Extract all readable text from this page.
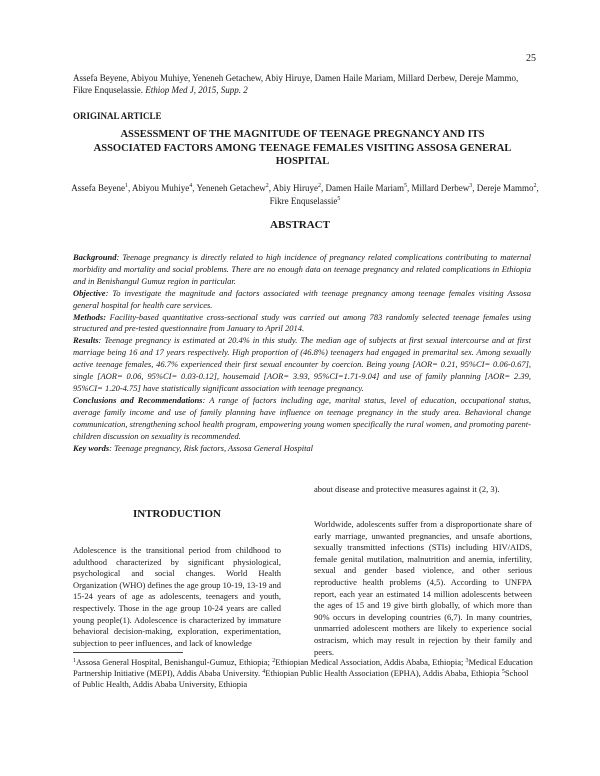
25
Assefa Beyene, Abiyou Muhiye, Yeneneh Getachew, Abiy Hiruye, Damen Haile Mariam, Millard Derbew, Dereje Mammo, Fikre Enquselassie. Ethiop Med J, 2015, Supp. 2
ORIGINAL ARTICLE
ASSESSMENT OF THE MAGNITUDE OF TEENAGE PREGNANCY AND ITS ASSOCIATED FACTORS AMONG TEENAGE FEMALES VISITING ASSOSA GENERAL HOSPITAL
Assefa Beyene$^1$, Abiyou Muhiye$^4$, Yeneneh Getachew$^2$, Abiy Hiruye$^2$, Damen Haile Mariam$^5$, Millard Derbew$^3$, Dereje Mammo$^2$, Fikre Enquselassie$^5$
ABSTRACT
Background: Teenage pregnancy is directly related to high incidence of pregnancy related complications contributing to maternal morbidity and mortality and social problems. There are no enough data on teenage pregnancy and related complications in Ethiopia and in Benishangul Gumuz region in particular.
Objective: To investigate the magnitude and factors associated with teenage pregnancy among teenage females visiting Assosa general hospital for health care services.
Methods: Facility-based quantitative cross-sectional study was carried out among 783 randomly selected teenage females using structured and pre-tested questionnaire from January to April 2014.
Results: Teenage pregnancy is estimated at 20.4% in this study. The median age of subjects at first sexual intercourse and at first marriage being 16 and 17 years respectively. High proportion of (46.8%) teenagers had engaged in premarital sex. Among sexually active teenage females, 46.7% experienced their first sexual encounter by coercion. Being young [AOR= 0.21, 95%CI= 0.06-0.67], single [AOR= 0.06, 95%CI= 0.03-0.12], housemaid [AOR= 3.93, 95%CI=1.71-9.04] and use of family planning [AOR= 2.39, 95%CI= 1.20-4.75] have statistically significant association with teenage pregnancy.
Conclusions and Recommendations: A range of factors including age, marital status, level of education, occupational status, average family income and use of family planning have influence on teenage pregnancy in the study area. Behavioral change communication, strengthening school health program, empowering young women specifically the rural women, and promoting parent-children discussion on sexuality is recommended.
Key words: Teenage pregnancy, Risk factors, Assosa General Hospital
INTRODUCTION
Adolescence is the transitional period from childhood to adulthood characterized by significant physiological, psychological and social changes. World Health Organization (WHO) defines the age group 10-19, 13-19 and 15-24 years of age as adolescents, teenagers and youth, respectively. Those in the age group 10-24 years are called young people(1). Adolescence is characterized by immature behavioral decision-making, exploration, experimentation, subjection to peer influences, and lack of knowledge
about disease and protective measures against it (2, 3).
Worldwide, adolescents suffer from a disproportionate share of early marriage, unwanted pregnancies, and unsafe abortions, sexually transmitted infections (STIs) including HIV/AIDS, female genital mutilation, malnutrition and anemia, infertility, sexual and gender based violence, and other serious reproductive health problems (4,5). According to UNFPA report, each year an estimated 14 million adolescents between the ages of 15 and 19 give birth globally, of which more than 90% occurs in developing countries (6,7). In many countries, unmarried adolescent mothers are likely to experience social ostracism, which may result in rejection by their family and peers.
$^1$Assosa General Hospital, Benishangul-Gumuz, Ethiopia; $^2$Ethiopian Medical Association, Addis Ababa, Ethiopia; $^3$Medical Education Partnership Initiative (MEPI), Addis Ababa University. $^4$Ethiopian Public Health Association (EPHA), Addis Ababa, Ethiopia $^5$School of Public Health, Addis Ababa University, Ethiopia
